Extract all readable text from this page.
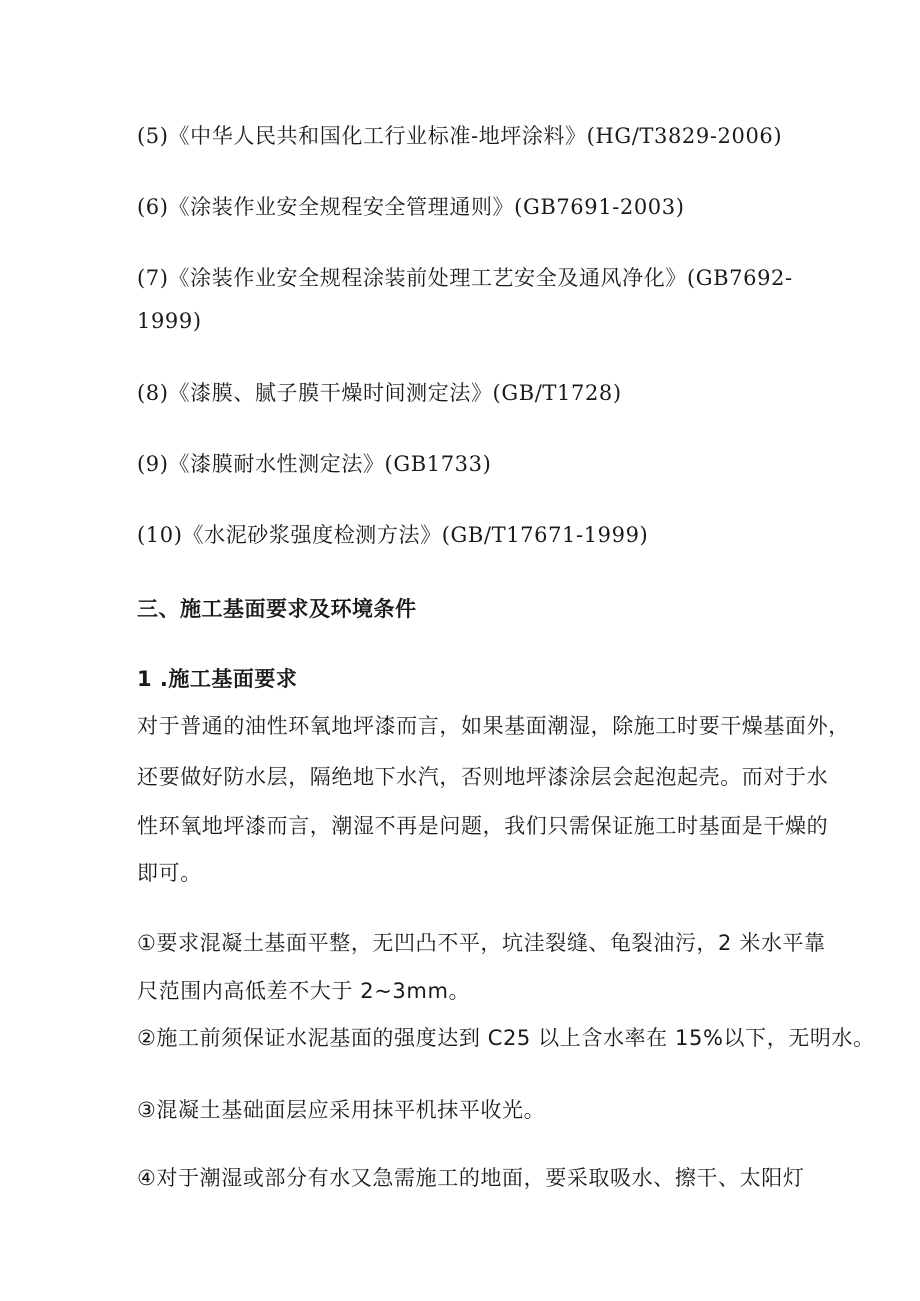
(5)《中华人民共和国化工行业标准-地坪涂料》(HG/T3829-2006)
(6)《涂装作业安全规程安全管理通则》(GB7691-2003)
(7)《涂装作业安全规程涂装前处理工艺安全及通风净化》(GB7692-
1999)
(8)《漆膜、腻子膜干燥时间测定法》(GB/T1728)
(9)《漆膜耐水性测定法》(GB1733)
(10)《水泥砂浆强度检测方法》(GB/T17671-1999)
三、施工基面要求及环境条件
1 .施工基面要求
对于普通的油性环氧地坪漆而言，如果基面潮湿，除施工时要干燥基面外，
还要做好防水层，隔绝地下水汽，否则地坪漆涂层会起泡起壳。而对于水
性环氧地坪漆而言，潮湿不再是问题，我们只需保证施工时基面是干燥的
即可。
①要求混凝土基面平整，无凹凸不平，坑洼裂缝、龟裂油污，2 米水平靠
尺范围内高低差不大于 2~3mm。
②施工前须保证水泥基面的强度达到 C25 以上含水率在 15%以下，无明水。
③混凝土基础面层应采用抹平机抹平收光。
④对于潮湿或部分有水又急需施工的地面，要采取吸水、擦干、太阳灯
